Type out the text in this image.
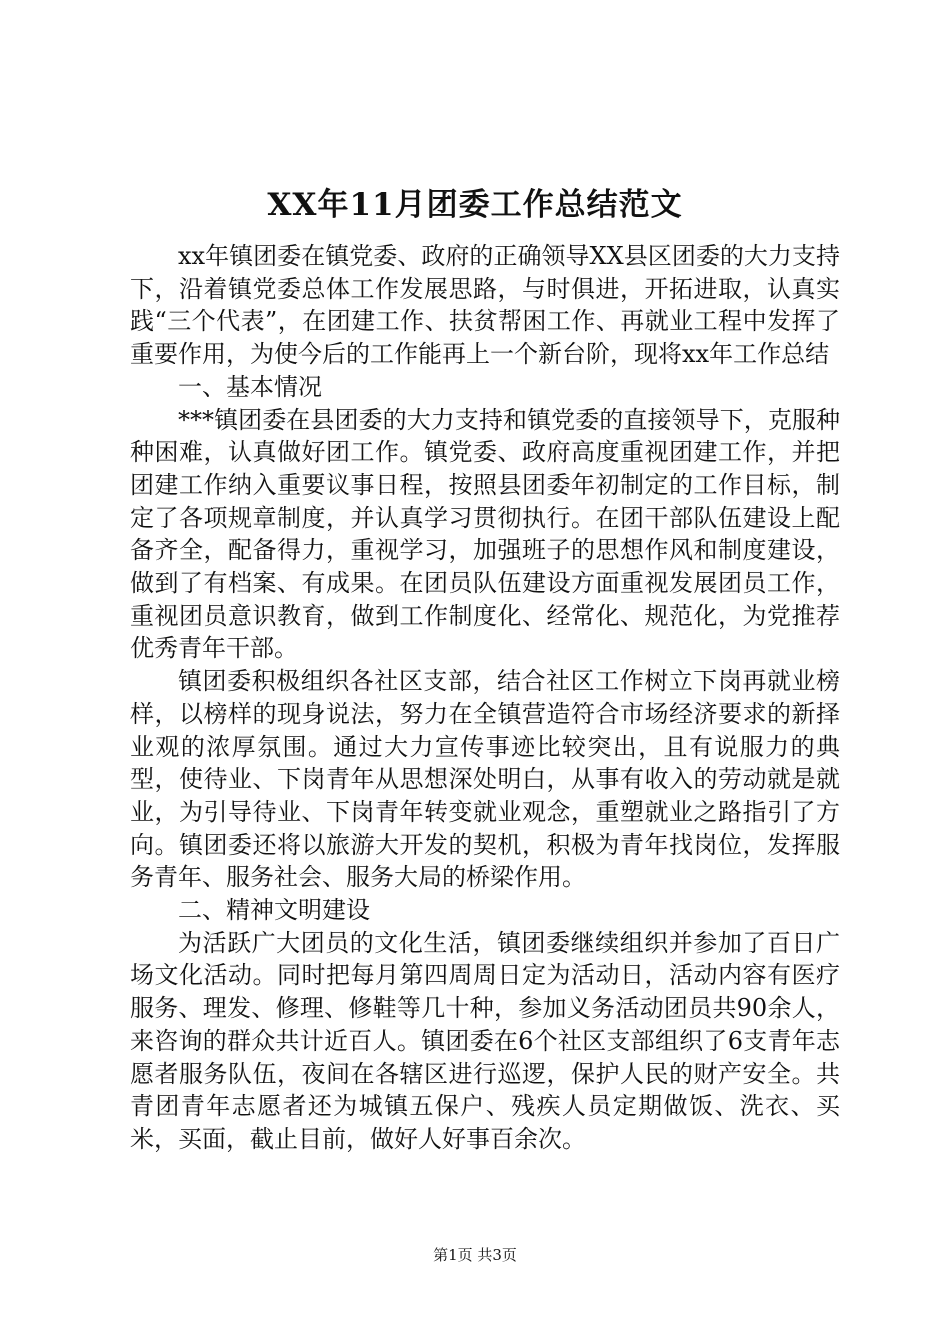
XX年11月团委工作总结范文

xx年镇团委在镇党委、政府的正确领导XX县区团委的大力支持下，沿着镇党委总体工作发展思路，与时俱进，开拓进取，认真实践“三个代表”，在团建工作、扶贫帮困工作、再就业工程中发挥了重要作用，为使今后的工作能再上一个新台阶，现将xx年工作总结

一、基本情况

***镇团委在县团委的大力支持和镇党委的直接领导下，克服种种困难，认真做好团工作。镇党委、政府高度重视团建工作，并把团建工作纳入重要议事日程，按照县团委年初制定的工作目标，制定了各项规章制度，并认真学习贯彻执行。在团干部队伍建设上配备齐全，配备得力，重视学习，加强班子的思想作风和制度建设，做到了有档案、有成果。在团员队伍建设方面重视发展团员工作，重视团员意识教育，做到工作制度化、经常化、规范化，为党推荐优秀青年干部。

镇团委积极组织各社区支部，结合社区工作树立下岗再就业榜样，以榜样的现身说法，努力在全镇营造符合市场经济要求的新择业观的浓厚氛围。通过大力宣传事迹比较突出，且有说服力的典型，使待业、下岗青年从思想深处明白，从事有收入的劳动就是就业，为引导待业、下岗青年转变就业观念，重塑就业之路指引了方向。镇团委还将以旅游大开发的契机，积极为青年找岗位，发挥服务青年、服务社会、服务大局的桥梁作用。

二、精神文明建设

为活跃广大团员的文化生活，镇团委继续组织并参加了百日广场文化活动。同时把每月第四周周日定为活动日，活动内容有医疗服务、理发、修理、修鞋等几十种，参加义务活动团员共90余人，来咨询的群众共计近百人。镇团委在6个社区支部组织了6支青年志愿者服务队伍，夜间在各辖区进行巡逻，保护人民的财产安全。共青团青年志愿者还为城镇五保户、残疾人员定期做饭、洗衣、买米，买面，截止目前，做好人好事百余次。

第1页 共3页
